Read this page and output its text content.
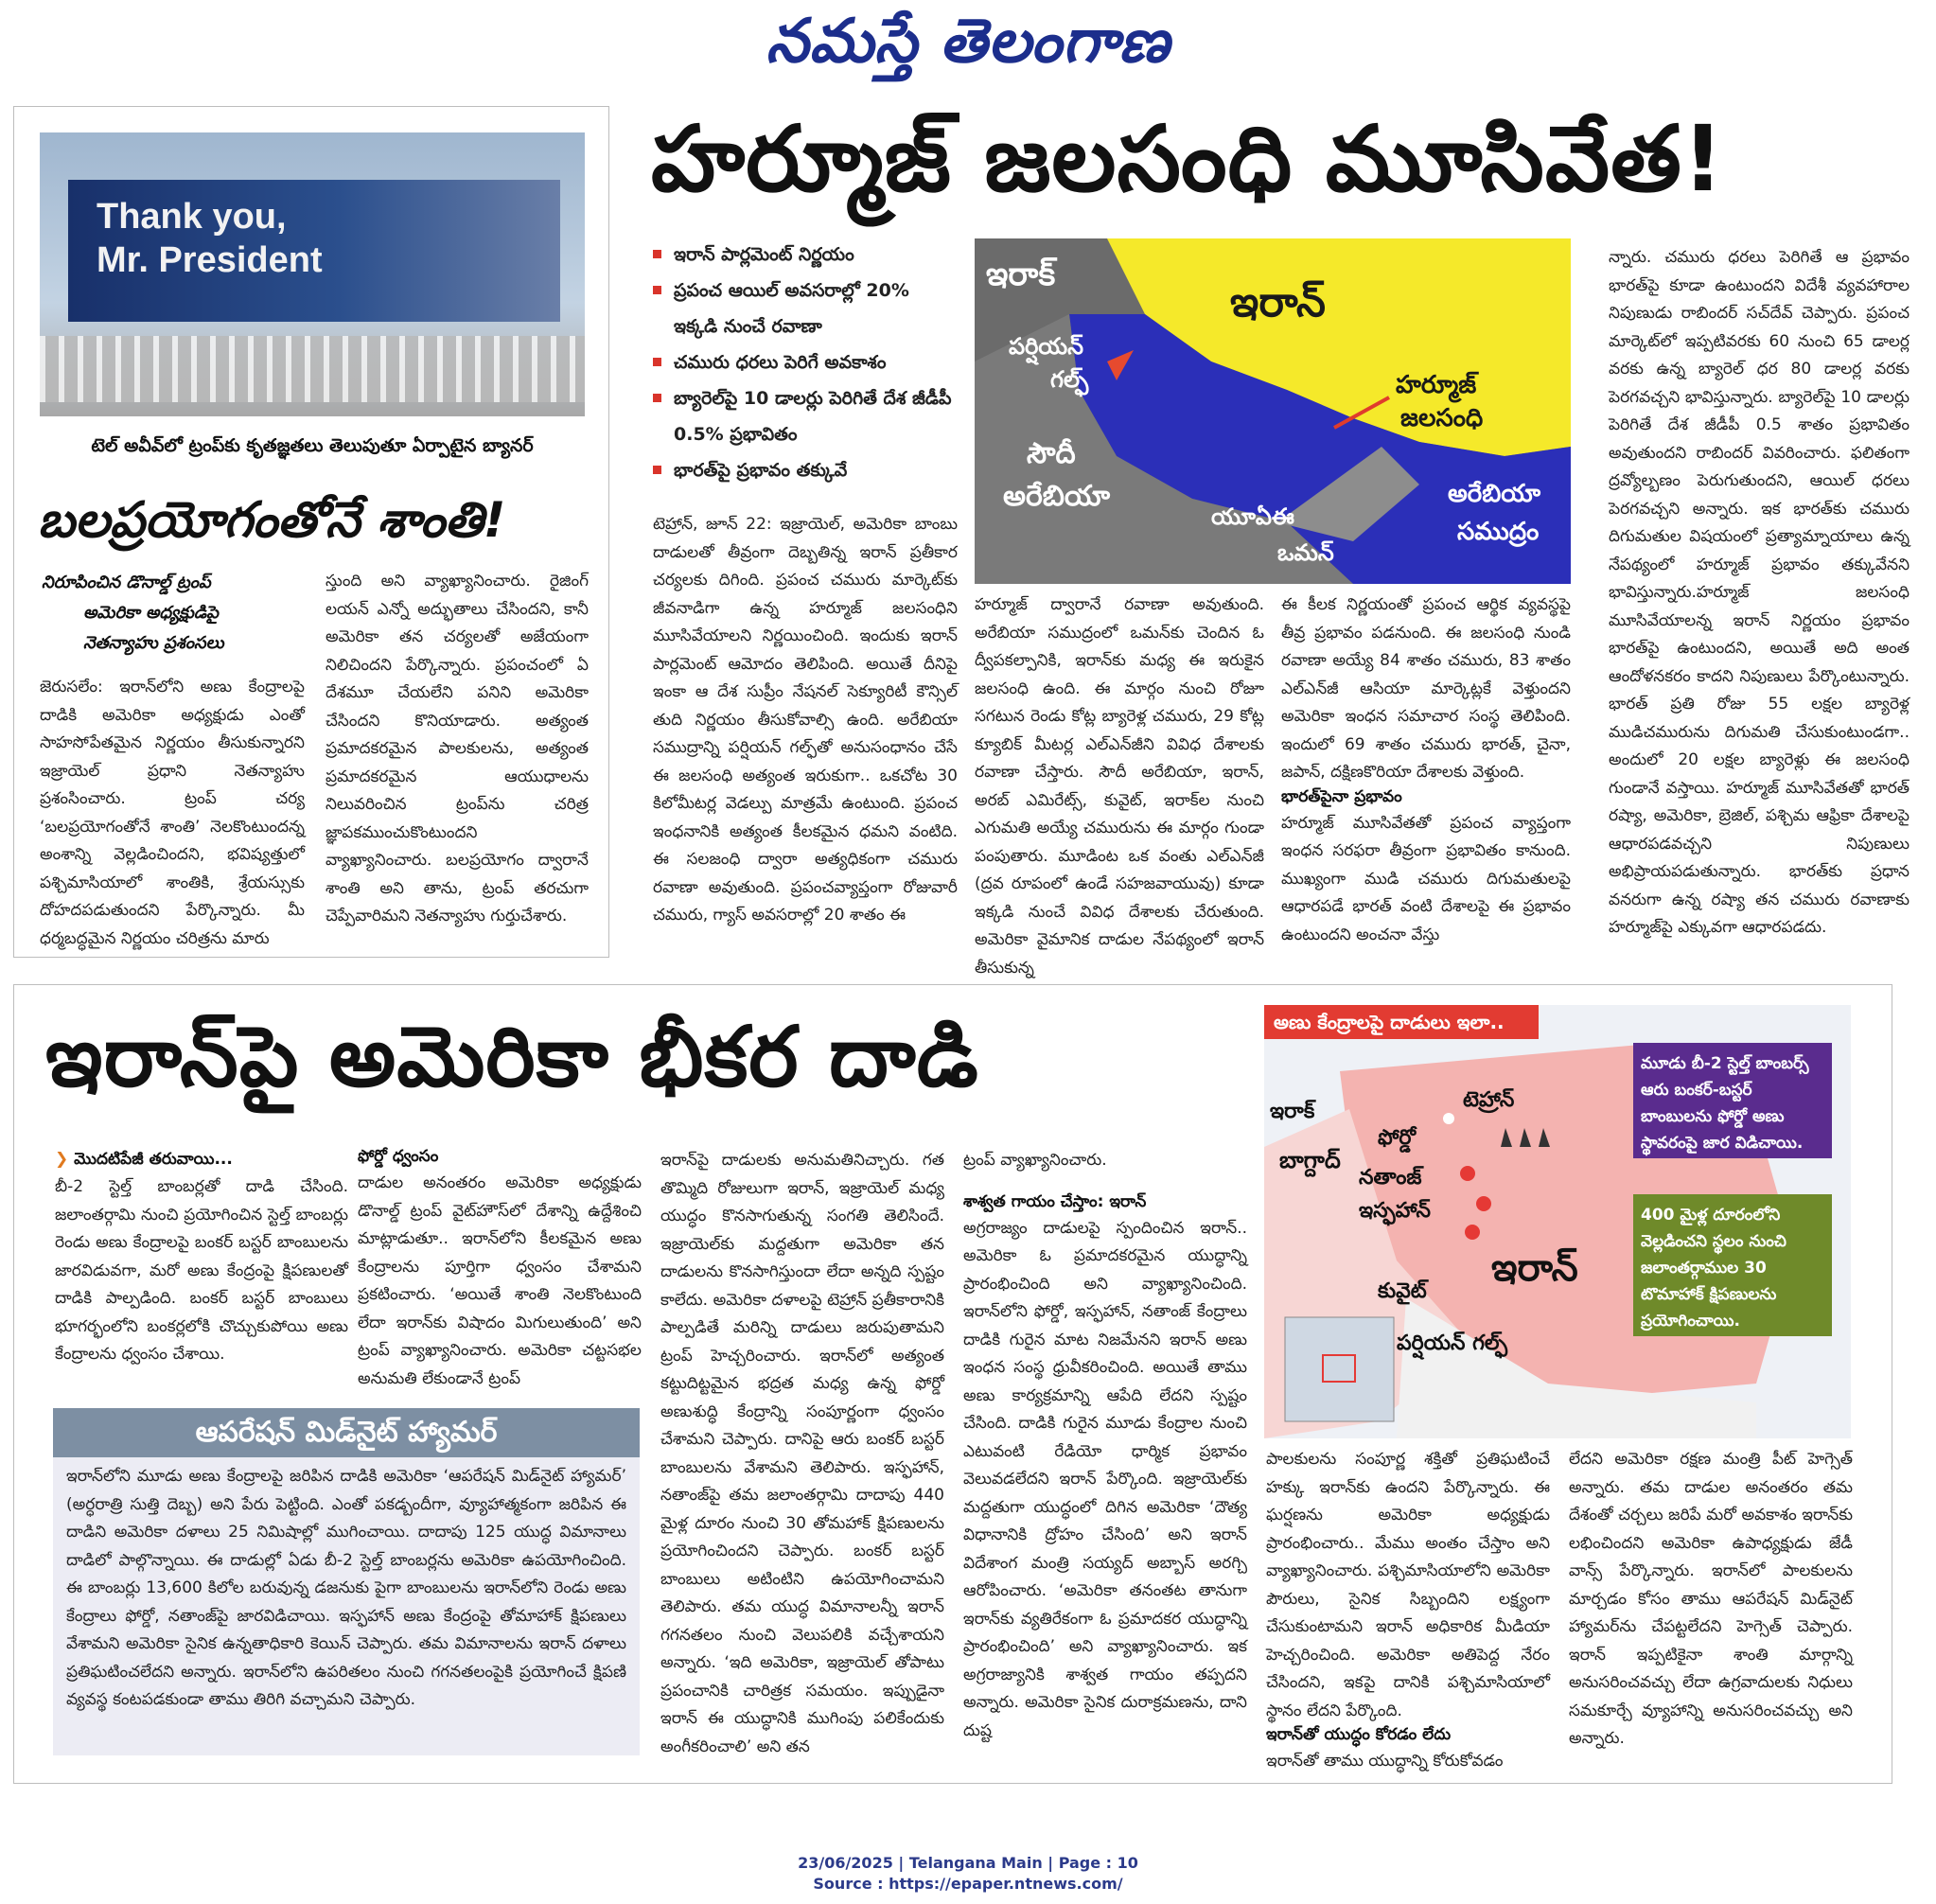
నమస్తే తెలంగాణ
Thank you,
Mr. President
టెల్ అవీవ్‌లో ట్రంప్‌కు కృతజ్ఞతలు తెలుపుతూ ఏర్పాటైన బ్యానర్
బలప్రయోగంతోనే శాంతి!
నిరూపించిన డొనాల్డ్ ట్రంప్
అమెరికా అధ్యక్షుడిపై
నెతన్యాహు ప్రశంసలు
జెరుసలేం: ఇరాన్‌లోని అణు కేంద్రాలపై దాడికి అమెరికా అధ్యక్షుడు ఎంతో సాహసోపేతమైన నిర్ణయం తీసుకున్నారని ఇజ్రాయెల్ ప్రధాని నెతన్యాహు ప్రశంసించారు. ట్రంప్ చర్య ‘బలప్రయోగంతోనే శాంతి’ నెలకొంటుందన్న అంశాన్ని వెల్లడించిందని, భవిష్యత్తులో పశ్చిమాసియాలో శాంతికి, శ్రేయస్సుకు దోహదపడుతుందని పేర్కొన్నారు. మీ ధర్మబద్ధమైన నిర్ణయం చరిత్రను మారు
స్తుంది అని వ్యాఖ్యానించారు. రైజింగ్ లయన్ ఎన్నో అద్భుతాలు చేసిందని, కానీ అమెరికా తన చర్యలతో అజేయంగా నిలిచిందని పేర్కొన్నారు. ప్రపంచంలో ఏ దేశమూ చేయలేని పనిని అమెరికా చేసిందని కొనియాడారు. అత్యంత ప్రమాదకరమైన పాలకులను, అత్యంత ప్రమాదకరమైన ఆయుధాలను నిలువరించిన ట్రంప్‌ను చరిత్ర జ్ఞాపకముంచుకొంటుందని వ్యాఖ్యానించారు. బలప్రయోగం ద్వారానే శాంతి అని తాను, ట్రంప్ తరచుగా చెప్పేవారిమని నెతన్యాహు గుర్తుచేశారు.
హర్మూజ్ జలసంధి మూసివేత!
ఇరాన్ పార్లమెంట్ నిర్ణయం
ప్రపంచ ఆయిల్ అవసరాల్లో 20% ఇక్కడి నుంచే రవాణా
చమురు ధరలు పెరిగే అవకాశం
బ్యారెల్‌పై 10 డాలర్లు పెరిగితే దేశ జీడీపీ 0.5% ప్రభావితం
భారత్‌పై ప్రభావం తక్కువే
ఇరాక్
ఇరాన్
పర్షియన్
గల్ఫ్	హర్మూజ్
జలసంధి
సౌదీ
అరేబియా
యూఏఈ
ఒమన్
అరేబియా
సముద్రం
టెహ్రాన్, జూన్ 22: ఇజ్రాయెల్, అమెరికా బాంబు దాడులతో తీవ్రంగా దెబ్బతిన్న ఇరాన్ ప్రతీకార చర్యలకు దిగింది. ప్రపంచ చమురు మార్కెట్‌కు జీవనాడిగా ఉన్న హర్మూజ్ జలసంధిని మూసివేయాలని నిర్ణయించింది. ఇందుకు ఇరాన్ పార్లమెంట్ ఆమోదం తెలిపింది. అయితే దీనిపై ఇంకా ఆ దేశ సుప్రీం నేషనల్ సెక్యూరిటీ కౌన్సిల్ తుది నిర్ణయం తీసుకోవాల్సి ఉంది. అరేబియా సముద్రాన్ని పర్షియన్ గల్ఫ్‌తో అనుసంధానం చేసే ఈ జలసంధి అత్యంత ఇరుకుగా.. ఒకచోట 30 కిలోమీటర్ల వెడల్పు మాత్రమే ఉంటుంది. ప్రపంచ ఇంధనానికి అత్యంత కీలకమైన ధమని వంటిది. ఈ సలజంధి ద్వారా అత్యధికంగా చమురు రవాణా అవుతుంది. ప్రపంచవ్యాప్తంగా రోజువారీ చమురు, గ్యాస్ అవసరాల్లో 20 శాతం ఈ
హర్మూజ్ ద్వారానే రవాణా అవుతుంది. అరేబియా సముద్రంలో ఒమన్‌కు చెందిన ఓ ద్వీపకల్పానికి, ఇరాన్‌కు మధ్య ఈ ఇరుకైన జలసంధి ఉంది. ఈ మార్గం నుంచి రోజూ సగటున రెండు కోట్ల బ్యారెళ్ల చమురు, 29 కోట్ల క్యూబిక్ మీటర్ల ఎల్ఎన్‌జీని వివిధ దేశాలకు రవాణా చేస్తారు. సౌదీ అరేబియా, ఇరాన్, అరబ్ ఎమిరేట్స్, కువైట్, ఇరాక్‌ల నుంచి ఎగుమతి అయ్యే చమురును ఈ మార్గం గుండా పంపుతారు. మూడింట ఒక వంతు ఎల్ఎన్‌జీ (ద్రవ రూపంలో ఉండే సహజవాయువు) కూడా ఇక్కడి నుంచే వివిధ దేశాలకు చేరుతుంది. అమెరికా వైమానిక దాడుల నేపథ్యంలో ఇరాన్ తీసుకున్న
ఈ కీలక నిర్ణయంతో ప్రపంచ ఆర్థిక వ్యవస్థపై తీవ్ర ప్రభావం పడనుంది. ఈ జలసంధి నుండి రవాణా అయ్యే 84 శాతం చమురు, 83 శాతం ఎల్ఎన్‌జీ ఆసియా మార్కెట్లకే వెళ్తుందని అమెరికా ఇంధన సమాచార సంస్థ తెలిపింది. ఇందులో 69 శాతం చమురు భారత్, చైనా, జపాన్, దక్షిణకొరియా దేశాలకు వెళ్తుంది.
భారత్‌పైనా ప్రభావం
హర్మూజ్ మూసివేతతో ప్రపంచ వ్యాప్తంగా ఇంధన సరఫరా తీవ్రంగా ప్రభావితం కానుంది. ముఖ్యంగా ముడి చమురు దిగుమతులపై ఆధారపడే భారత్ వంటి దేశాలపై ఈ ప్రభావం ఉంటుందని అంచనా వేస్తు
న్నారు. చమురు ధరలు పెరిగితే ఆ ప్రభావం భారత్‌పై కూడా ఉంటుందని విదేశీ వ్యవహారాల నిపుణుడు రాబిందర్ సచ్‌దేవ్ చెప్పారు. ప్రపంచ మార్కెట్‌లో ఇప్పటివరకు 60 నుంచి 65 డాలర్ల వరకు ఉన్న బ్యారెల్ ధర 80 డాలర్ల వరకు పెరగవచ్చని భావిస్తున్నారు. బ్యారెల్‌పై 10 డాలర్లు పెరిగితే దేశ జీడీపీ 0.5 శాతం ప్రభావితం అవుతుందని రాబిందర్ వివరించారు. ఫలితంగా ద్రవ్యోల్బణం పెరుగుతుందని, ఆయిల్ ధరలు పెరగవచ్చని అన్నారు. ఇక భారత్‌కు చమురు దిగుమతుల విషయంలో ప్రత్యామ్నాయాలు ఉన్న నేపథ్యంలో హర్మూజ్ ప్రభావం తక్కువేనని భావిస్తున్నారు.హర్మూజ్ జలసంధి మూసివేయాలన్న ఇరాన్ నిర్ణయం ప్రభావం భారత్‌పై ఉంటుందని, అయితే అది అంత ఆందోళనకరం కాదని నిపుణులు పేర్కొంటున్నారు. భారత్ ప్రతి రోజు 55 లక్షల బ్యారెళ్ల ముడిచమురును దిగుమతి చేసుకుంటుండగా.. అందులో 20 లక్షల బ్యారెళ్లు ఈ జలసంధి గుండానే వస్తాయి. హర్మూజ్ మూసివేతతో భారత్ రష్యా, అమెరికా, బ్రెజిల్, పశ్చిమ ఆఫ్రికా దేశాలపై ఆధారపడవచ్చని నిపుణులు అభిప్రాయపడుతున్నారు. భారత్‌కు ప్రధాన వనరుగా ఉన్న రష్యా తన చమురు రవాణాకు హర్మూజ్‌పై ఎక్కువగా ఆధారపడదు.
ఇరాన్‌పై అమెరికా భీకర దాడి
❯ మొదటిపేజీ తరువాయి...
బీ-2 స్టెల్త్ బాంబర్లతో దాడి చేసింది. జలాంతర్గామి నుంచి ప్రయోగించిన స్టెల్త్ బాంబర్లు రెండు అణు కేంద్రాలపై బంకర్ బస్టర్ బాంబులను జారవిడువగా, మరో అణు కేంద్రంపై క్షిపణులతో దాడికి పాల్పడింది. బంకర్ బస్టర్ బాంబులు భూగర్భంలోని బంకర్లలోకి చొచ్చుకుపోయి అణు కేంద్రాలను ధ్వంసం చేశాయి.
ఫోర్డో ధ్వంసం
దాడుల అనంతరం అమెరికా అధ్యక్షుడు డొనాల్డ్ ట్రంప్ వైట్‌హౌస్‌లో దేశాన్ని ఉద్దేశించి మాట్లాడుతూ.. ఇరాన్‌లోని కీలకమైన అణు కేంద్రాలను పూర్తిగా ధ్వంసం చేశామని ప్రకటించారు. ‘అయితే శాంతి నెలకొంటుంది లేదా ఇరాన్‌కు విషాదం మిగులుతుంది’ అని ట్రంప్ వ్యాఖ్యానించారు. అమెరికా చట్టసభల అనుమతి లేకుండానే ట్రంప్
ఆపరేషన్ మిడ్‌నైట్ హ్యామర్
ఇరాన్‌లోని మూడు అణు కేంద్రాలపై జరిపిన దాడికి అమెరికా ‘ఆపరేషన్ మిడ్‌నైట్ హ్యామర్’ (అర్ధరాత్రి సుత్తి దెబ్బ) అని పేరు పెట్టింది. ఎంతో పకడ్బందీగా, వ్యూహాత్మకంగా జరిపిన ఈ దాడిని అమెరికా దళాలు 25 నిమిషాల్లో ముగించాయి. దాదాపు 125 యుద్ధ విమానాలు దాడిలో పాల్గొన్నాయి. ఈ దాడుల్లో ఏడు బీ-2 స్టెల్త్ బాంబర్లను అమెరికా ఉపయోగించింది. ఈ బాంబర్లు 13,600 కిలోల బరువున్న డజనుకు పైగా బాంబులను ఇరాన్‌లోని రెండు అణు కేంద్రాలు ఫోర్డో, నతాంజ్‌పై జారవిడిచాయి. ఇస్ఫహాన్ అణు కేంద్రంపై తోమాహాక్ క్షిపణులు వేశామని అమెరికా సైనిక ఉన్నతాధికారి కెయిన్ చెప్పారు. తమ విమానాలను ఇరాన్ దళాలు ప్రతిఘటించలేదని అన్నారు. ఇరాన్‌లోని ఉపరితలం నుంచి గగనతలంపైకి ప్రయోగించే క్షిపణి వ్యవస్థ కంటపడకుండా తాము తిరిగి వచ్చామని చెప్పారు.
ఇరాన్‌పై దాడులకు అనుమతినిచ్చారు. గత తొమ్మిది రోజులుగా ఇరాన్, ఇజ్రాయెల్ మధ్య యుద్ధం కొనసాగుతున్న సంగతి తెలిసిందే. ఇజ్రాయెల్‌కు మద్దతుగా అమెరికా తన దాడులను కొనసాగిస్తుందా లేదా అన్నది స్పష్టం కాలేదు. అమెరికా దళాలపై టెహ్రాన్ ప్రతీకారానికి పాల్పడితే మరిన్ని దాడులు జరుపుతామని ట్రంప్ హెచ్చరించారు. ఇరాన్‌లో అత్యంత కట్టుదిట్టమైన భద్రత మధ్య ఉన్న ఫోర్డో అణుశుద్ధి కేంద్రాన్ని సంపూర్ణంగా ధ్వంసం చేశామని చెప్పారు. దానిపై ఆరు బంకర్ బస్టర్ బాంబులను వేశామని తెలిపారు. ఇస్ఫహాన్, నతాంజ్‌పై తమ జలాంతర్గామి దాదాపు 440 మైళ్ల దూరం నుంచి 30 తోమహాక్ క్షిపణులను ప్రయోగించిందని చెప్పారు. బంకర్ బస్టర్ బాంబులు అటింటిని ఉపయోగించామని తెలిపారు. తమ యుద్ధ విమానాలన్నీ ఇరాన్ గగనతలం నుంచి వెలుపలికి వచ్చేశాయని అన్నారు. ‘ఇది అమెరికా, ఇజ్రాయెల్ తోపాటు ప్రపంచానికి చారిత్రక సమయం. ఇప్పుడైనా ఇరాన్ ఈ యుద్ధానికి ముగింపు పలికేందుకు అంగీకరించాలి’ అని తన
ట్రంప్ వ్యాఖ్యానించారు.
శాశ్వత గాయం చేస్తాం: ఇరాన్
అగ్రరాజ్యం దాడులపై స్పందించిన ఇరాన్.. అమెరికా ఓ ప్రమాదకరమైన యుద్ధాన్ని ప్రారంభించింది అని వ్యాఖ్యానించింది. ఇరాన్‌లోని ఫోర్డో, ఇస్ఫహాన్, నతాంజ్ కేంద్రాలు దాడికి గురైన మాట నిజమేనని ఇరాన్ అణు ఇంధన సంస్థ ధ్రువీకరించింది. అయితే తాము అణు కార్యక్రమాన్ని ఆపేది లేదని స్పష్టం చేసింది. దాడికి గురైన మూడు కేంద్రాల నుంచి ఎటువంటి రేడియో ధార్మిక ప్రభావం వెలువడలేదని ఇరాన్ పేర్కొంది. ఇజ్రాయెల్‌కు మద్దతుగా యుద్ధంలో దిగిన అమెరికా ‘దౌత్య విధానానికి ద్రోహం చేసింది’ అని ఇరాన్ విదేశాంగ మంత్రి సయ్యద్ అబ్బాస్ అరగ్చి ఆరోపించారు. ‘అమెరికా తనంతట తానుగా ఇరాన్‌కు వ్యతిరేకంగా ఓ ప్రమాదకర యుద్ధాన్ని ప్రారంభించింది’ అని వ్యాఖ్యానించారు. ఇక అగ్రరాజ్యానికి శాశ్వత గాయం తప్పదని అన్నారు. అమెరికా సైనిక దురాక్రమణను, దాని దుష్ట
అణు కేంద్రాలపై దాడులు ఇలా..
ఇరాక్
బాగ్దాద్
టెహ్రాన్
ఫోర్డో
నతాంజ్
ఇస్ఫహాన్
ఇరాన్
కువైట్
పర్షియన్ గల్ఫ్
మూడు బీ-2 స్టెల్త్ బాంబర్స్ ఆరు బంకర్-బస్టర్ బాంబులను ఫోర్డో అణు స్థావరంపై జార విడిచాయి.
400 మైళ్ల దూరంలోని వెల్లడించని స్థలం నుంచి జలాంతర్గాముల 30 టొమాహాక్ క్షిపణులను ప్రయోగించాయి.
పాలకులను సంపూర్ణ శక్తితో ప్రతిఘటించే హక్కు ఇరాన్‌కు ఉందని పేర్కొన్నారు. ఈ ఘర్షణను అమెరికా అధ్యక్షుడు ప్రారంభించారు.. మేము అంతం చేస్తాం అని వ్యాఖ్యానించారు. పశ్చిమాసియాలోని అమెరికా పౌరులు, సైనిక సిబ్బందిని లక్ష్యంగా చేసుకుంటామని ఇరాన్ అధికారిక మీడియా హెచ్చరించింది. అమెరికా అతిపెద్ద నేరం చేసిందని, ఇకపై దానికి పశ్చిమాసియాలో స్థానం లేదని పేర్కొంది.
ఇరాన్‌తో యుద్ధం కోరడం లేదు
ఇరాన్‌తో తాము యుద్ధాన్ని కోరుకోవడం
లేదని అమెరికా రక్షణ మంత్రి పీట్ హెగ్సెత్ అన్నారు. తమ దాడుల అనంతరం తమ దేశంతో చర్చలు జరిపే మరో అవకాశం ఇరాన్‌కు లభించిందని అమెరికా ఉపాధ్యక్షుడు జేడీ వాన్స్ పేర్కొన్నారు. ఇరాన్‌లో పాలకులను మార్చడం కోసం తాము ఆపరేషన్ మిడ్‌నైట్ హ్యామర్‌ను చేపట్టలేదని హెగ్సెత్ చెప్పారు. ఇరాన్ ఇప్పటికైనా శాంతి మార్గాన్ని అనుసరించవచ్చు లేదా ఉగ్రవాదులకు నిధులు సమకూర్చే వ్యూహాన్ని అనుసరించవచ్చు అని అన్నారు.
23/06/2025 | Telangana Main | Page : 10
Source : https://epaper.ntnews.com/
